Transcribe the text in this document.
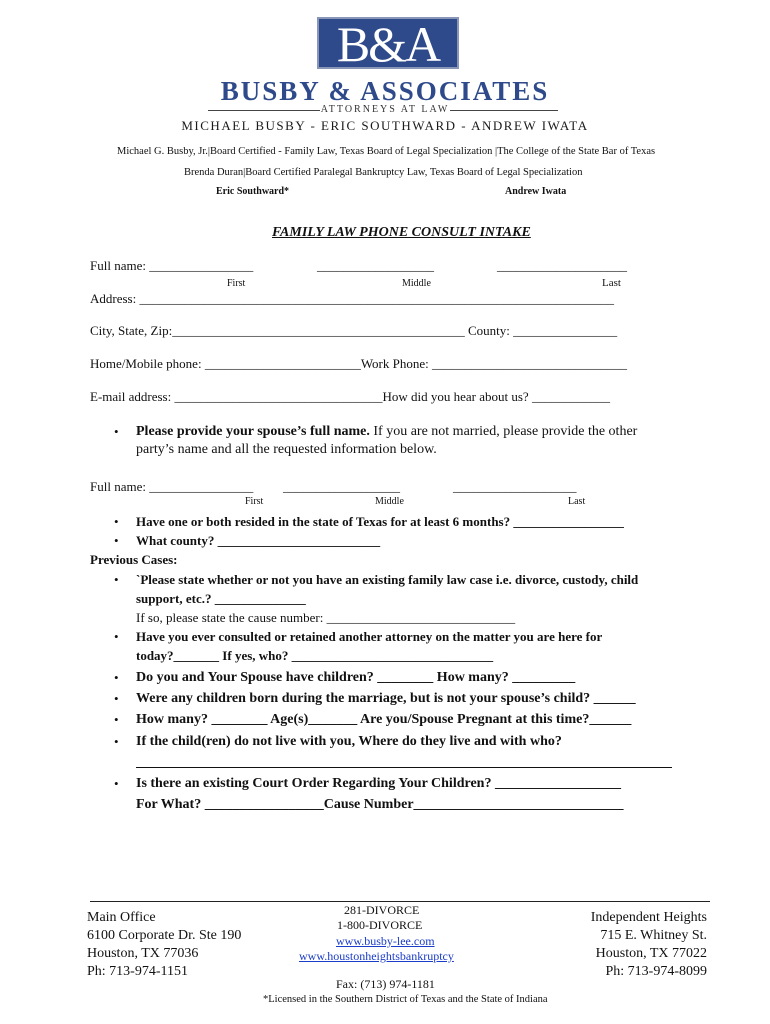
B&A
BUSBY & ASSOCIATES
ATTORNEYS AT LAW
MICHAEL BUSBY - ERIC SOUTHWARD - ANDREW IWATA
Michael G. Busby, Jr.|Board Certified - Family Law, Texas Board of Legal Specialization |The College of the State Bar of Texas
Brenda Duran|Board Certified Paralegal Bankruptcy Law, Texas Board of Legal Specialization
Eric Southward*	Andrew Iwata
FAMILY LAW PHONE CONSULT INTAKE
Full name: ________________	__________________	____________________
First	Middle	Last
Address: _________________________________________________________________________
City, State, Zip:_____________________________________________ County: ________________
Home/Mobile phone: ________________________Work Phone: ______________________________
E-mail address: ________________________________How did you hear about us? ____________
• Please provide your spouse’s full name. If you are not married, please provide the other
party’s name and all the requested information below.
Full name: ________________ __________________	___________________
First	Middle	Last
• Have one or both resided in the state of Texas for at least 6 months? _________________
• What county? _________________________
Previous Cases:
• `Please state whether or not you have an existing family law case i.e. divorce, custody, child
support, etc.? ______________
If so, please state the cause number: _____________________________
• Have you ever consulted or retained another attorney on the matter you are here for
today?_______ If yes, who? _______________________________
• Do you and Your Spouse have children? ________ How many? _________
• Were any children born during the marriage, but is not your spouse’s child? ______
• How many? ________ Age(s)_______ Are you/Spouse Pregnant at this time?______
• If the child(ren) do not live with you, Where do they live and with who?
• Is there an existing Court Order Regarding Your Children? __________________
For What? _________________Cause Number______________________________
Main Office
6100 Corporate Dr. Ste 190
Houston, TX 77036
Ph: 713-974-1151
281-DIVORCE
1-800-DIVORCE
www.busby-lee.com
www.houstonheightsbankruptcy
Fax: (713) 974-1181
*Licensed in the Southern District of Texas and the State of Indiana
Independent Heights
715 E. Whitney St.
Houston, TX 77022
Ph: 713-974-8099
